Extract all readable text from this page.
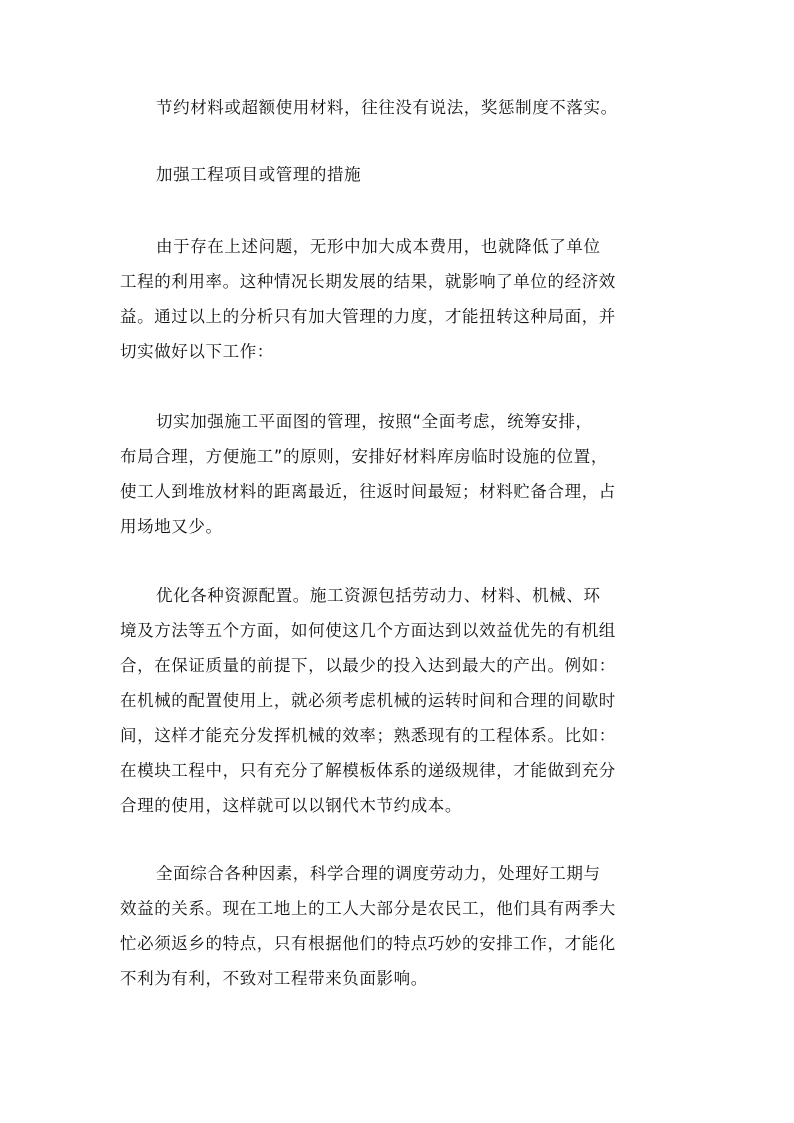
节约材料或超额使用材料，往往没有说法，奖惩制度不落实。

加强工程项目或管理的措施

由于存在上述问题，无形中加大成本费用，也就降低了单位
工程的利用率。这种情况长期发展的结果，就影响了单位的经济效
益。通过以上的分析只有加大管理的力度，才能扭转这种局面，并
切实做好以下工作：

切实加强施工平面图的管理，按照“全面考虑，统筹安排，
布局合理，方便施工”的原则，安排好材料库房临时设施的位置，
使工人到堆放材料的距离最近，往返时间最短；材料贮备合理，占
用场地又少。

优化各种资源配置。施工资源包括劳动力、材料、机械、环
境及方法等五个方面，如何使这几个方面达到以效益优先的有机组
合，在保证质量的前提下，以最少的投入达到最大的产出。例如：
在机械的配置使用上，就必须考虑机械的运转时间和合理的间歇时
间，这样才能充分发挥机械的效率；熟悉现有的工程体系。比如：
在模块工程中，只有充分了解模板体系的递级规律，才能做到充分
合理的使用，这样就可以以钢代木节约成本。

全面综合各种因素，科学合理的调度劳动力，处理好工期与
效益的关系。现在工地上的工人大部分是农民工，他们具有两季大
忙必须返乡的特点，只有根据他们的特点巧妙的安排工作，才能化
不利为有利，不致对工程带来负面影响。
